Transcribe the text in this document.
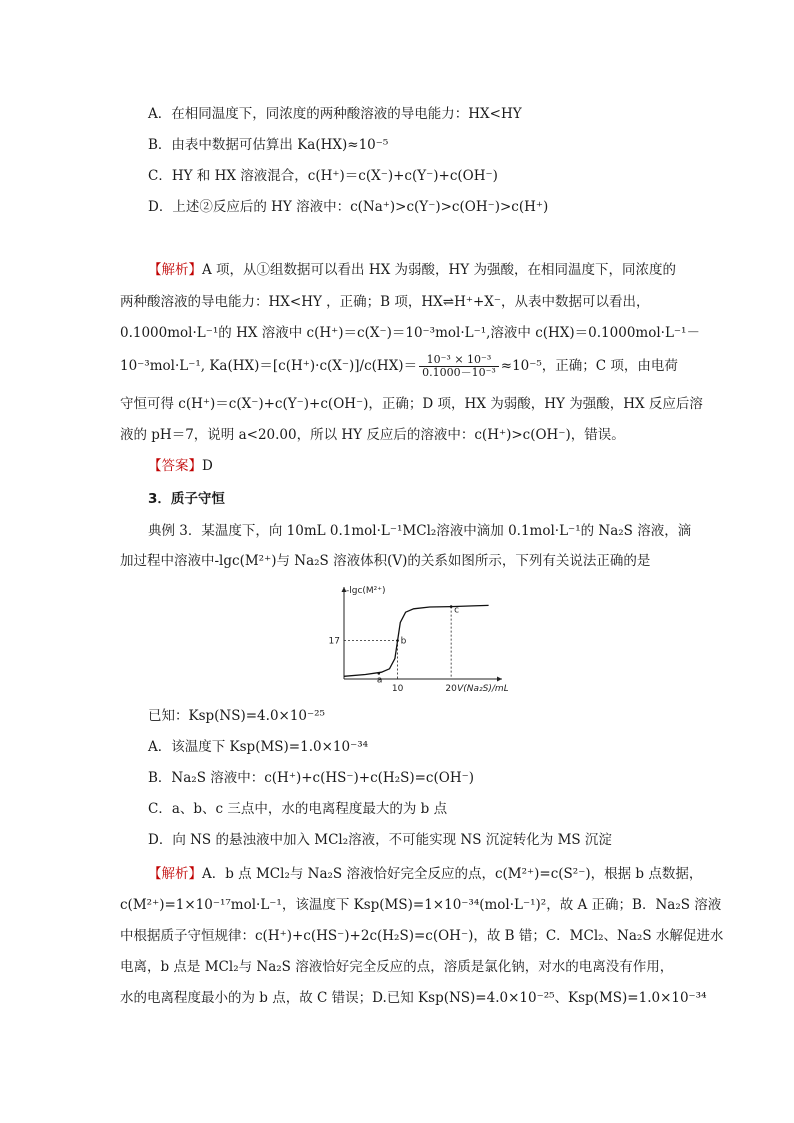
A．在相同温度下，同浓度的两种酸溶液的导电能力：HX<HY
B．由表中数据可估算出 Ka(HX)≈10⁻⁵
C．HY 和 HX 溶液混合，c(H⁺)＝c(X⁻)+c(Y⁻)+c(OH⁻)
D．上述②反应后的 HY 溶液中：c(Na⁺)>c(Y⁻)>c(OH⁻)>c(H⁺)
【解析】A 项，从①组数据可以看出 HX 为弱酸，HY 为强酸，在相同温度下，同浓度的
两种酸溶液的导电能力：HX<HY ，正确；B 项，HX⇌H⁺+X⁻，从表中数据可以看出，
0.1000mol·L⁻¹的 HX 溶液中 c(H⁺)＝c(X⁻)＝10⁻³mol·L⁻¹,溶液中 c(HX)＝0.1000mol·L⁻¹－
10⁻³mol·L⁻¹, $Ka(HX)=[c(H^+)\cdot c(X^-)]/c(HX)= \frac{\text{10⁻³ × 10⁻³}}{\text{0.1000－10⁻³}} \approx 10^{-5}$，正确；C 项，由电荷
守恒可得 c(H⁺)＝c(X⁻)+c(Y⁻)+c(OH⁻)，正确；D 项，HX 为弱酸，HY 为强酸，HX 反应后溶
液的 pH＝7，说明 a<20.00，所以 HY 反应后的溶液中：c(H⁺)>c(OH⁻)，错误。
【答案】D
3．质子守恒
典例 3．某温度下，向 10mL 0.1mol·L⁻¹MCl₂溶液中滴加 0.1mol·L⁻¹的 Na₂S 溶液，滴
加过程中溶液中-lgc(M²⁺)与 Na₂S 溶液体积(V)的关系如图所示，下列有关说法正确的是
-lgc(M²⁺)
V(Na₂S)/mL
10	20
17
a
b
c
已知：Ksp(NS)=4.0×10⁻²⁵
A．该温度下 Ksp(MS)=1.0×10⁻³⁴
B．Na₂S 溶液中：c(H⁺)+c(HS⁻)+c(H₂S)=c(OH⁻)
C．a、b、c 三点中，水的电离程度最大的为 b 点
D．向 NS 的悬浊液中加入 MCl₂溶液，不可能实现 NS 沉淀转化为 MS 沉淀
【解析】A．b 点 MCl₂与 Na₂S 溶液恰好完全反应的点，c(M²⁺)=c(S²⁻)，根据 b 点数据，
c(M²⁺)=1×10⁻¹⁷mol·L⁻¹，该温度下 Ksp(MS)=1×10⁻³⁴(mol·L⁻¹)²，故 A 正确；B．Na₂S 溶液
中根据质子守恒规律：c(H⁺)+c(HS⁻)+2c(H₂S)=c(OH⁻)，故 B 错；C．MCl₂、Na₂S 水解促进水
电离，b 点是 MCl₂与 Na₂S 溶液恰好完全反应的点，溶质是氯化钠，对水的电离没有作用，
水的电离程度最小的为 b 点，故 C 错误；D.已知 Ksp(NS)=4.0×10⁻²⁵、Ksp(MS)=1.0×10⁻³⁴
